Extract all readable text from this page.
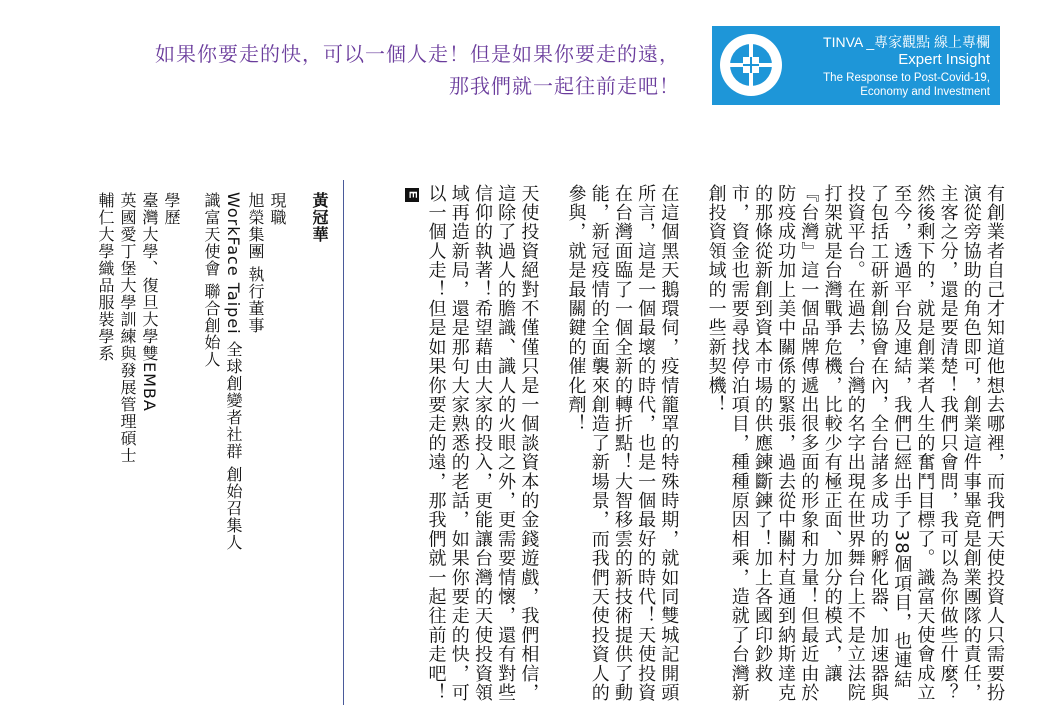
如果你要走的快，可以一個人走！但是如果你要走的遠，
那我們就一起往前走吧！
TINVA _專家觀點 線上專欄
Expert Insight
The Response to Post-Covid-19,
Economy and Investment

有創業者自己才知道他想去哪裡，而我們天使投資人只需要扮演從旁協助的角色即可，創業這件事畢竟是創業團隊的責任，主客之分，還是要清楚！我們只會問，我可以為你做些什麼？然後剩下的，就是創業者人生的奮鬥目標了。識富天使會成立至今，透過平台及連結，我們已經出手了38個項目，也連結了包括工研新創協會在內，全台諸多成功的孵化器、加速器與投資平台。在過去，台灣的名字出現在世界舞台上不是立法院打架就是台灣戰爭危機，比較少有極正面、加分的模式，讓『台灣』這一個品牌傳遞出很多面的形象和力量！但最近由於防疫成功加上美中關係的緊張，過去從中關村直通到納斯達克的那條從新創到資本市場的供應鍊斷鍊了！加上各國印鈔救市，資金也需要尋找停泊項目，種種原因相乘，造就了台灣新創投資領域的一些新契機！

在這個黑天鵝環伺，疫情籠罩的特殊時期，就如同雙城記開頭所言，這是一個最壞的時代，也是一個最好的時代！天使投資在台灣面臨了一個全新的轉折點！大智移雲的新技術提供了動能，新冠疫情的全面襲來創造了新場景，而我們天使投資人的參與，就是最關鍵的催化劑！

天使投資絕對不僅僅只是一個談資本的金錢遊戲，我們相信，這除了過人的膽識、識人的火眼之外，更需要情懷，還有對些信仰的執著！希望藉由大家的投入，更能讓台灣的天使投資領域再造新局，還是那句大家熟悉的老話，如果你要走的快，可以一個人走！但是如果你要走的遠，那我們就一起往前走吧！E

黃冠華
現職
旭榮集團 執行董事
WorkFace Taipei 全球創變者社群 創始召集人
識富天使會 聯合創始人
學歷
臺灣大學、復旦大學雙EMBA
英國愛丁堡大學訓練與發展管理碩士
輔仁大學織品服裝學系
